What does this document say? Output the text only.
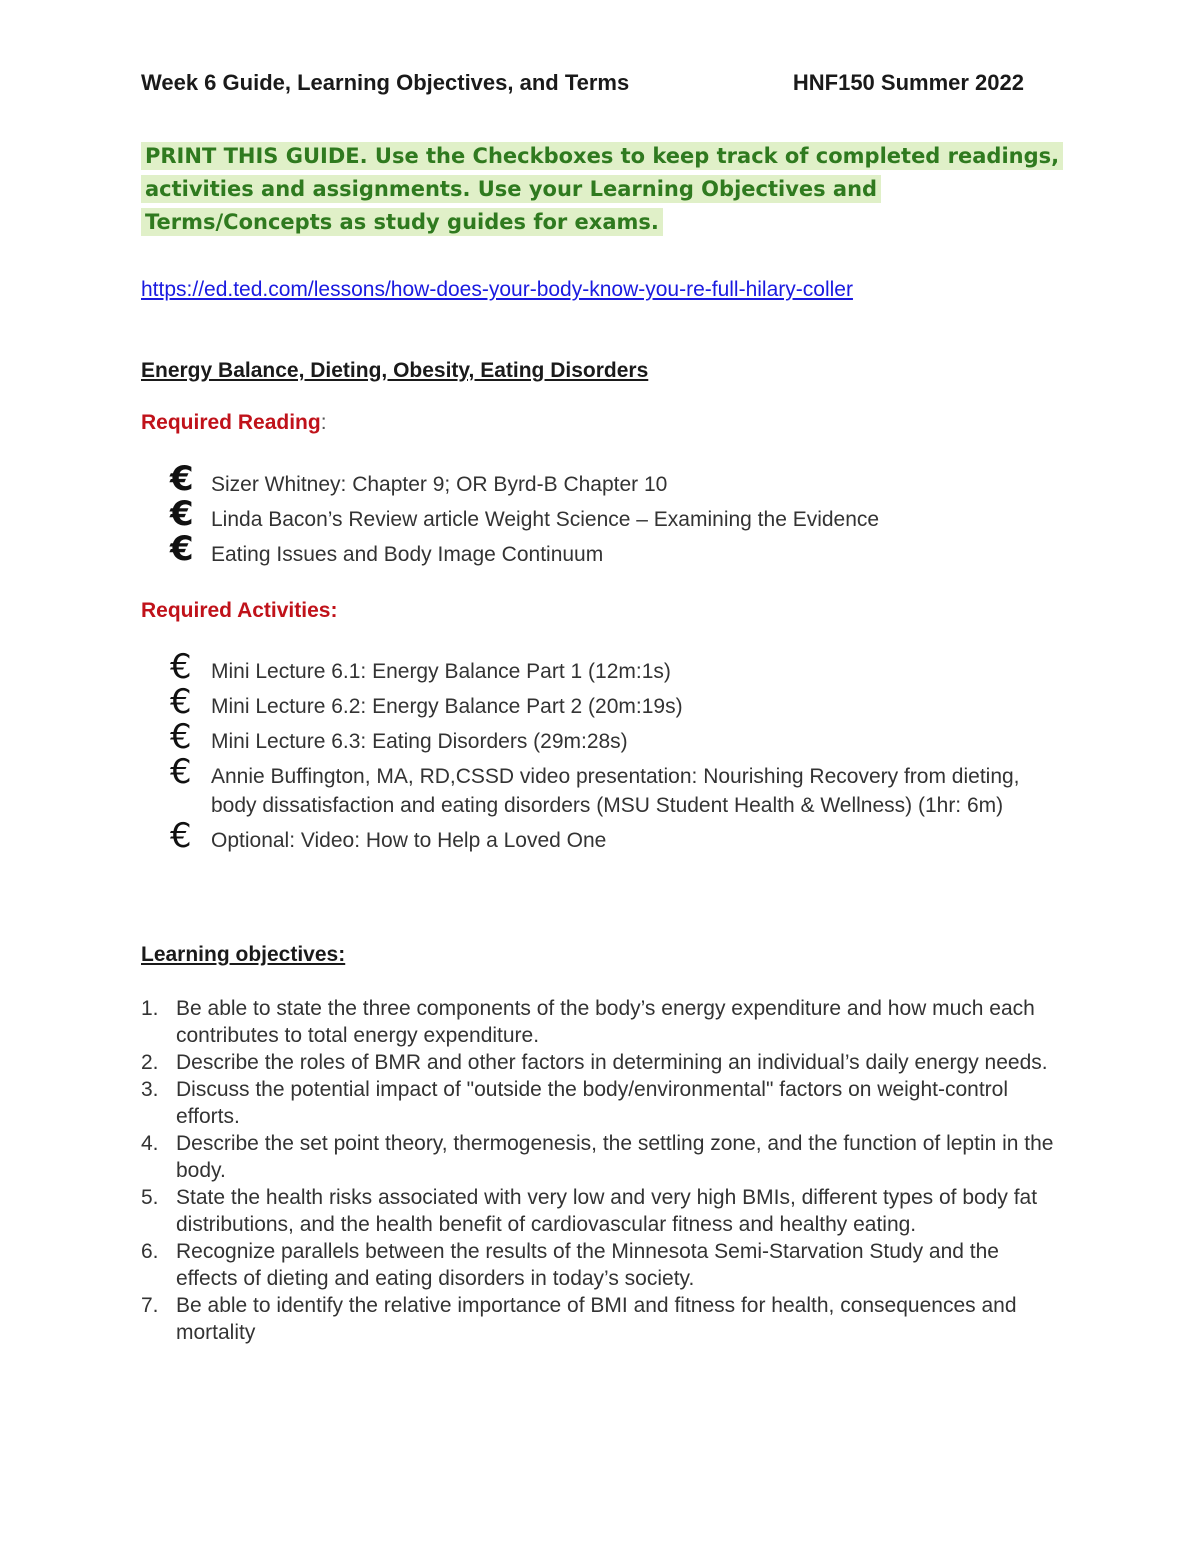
Week 6 Guide, Learning Objectives, and Terms	HNF150 Summer 2022
PRINT THIS GUIDE. Use the Checkboxes to keep track of completed readings, activities and assignments. Use your Learning Objectives and Terms/Concepts as study guides for exams.
https://ed.ted.com/lessons/how-does-your-body-know-you-re-full-hilary-coller
Energy Balance, Dieting, Obesity, Eating Disorders
Required Reading:
€ Sizer Whitney: Chapter 9; OR Byrd-B Chapter 10
€ Linda Bacon’s Review article Weight Science – Examining the Evidence
€ Eating Issues and Body Image Continuum
Required Activities:
€ Mini Lecture 6.1: Energy Balance Part 1 (12m:1s)
€ Mini Lecture 6.2: Energy Balance Part 2 (20m:19s)
€ Mini Lecture 6.3: Eating Disorders (29m:28s)
€ Annie Buffington, MA, RD,CSSD video presentation: Nourishing Recovery from dieting, body dissatisfaction and eating disorders (MSU Student Health & Wellness) (1hr: 6m)
€ Optional: Video: How to Help a Loved One
Learning objectives:
1. Be able to state the three components of the body’s energy expenditure and how much each contributes to total energy expenditure.
2. Describe the roles of BMR and other factors in determining an individual’s daily energy needs.
3. Discuss the potential impact of "outside the body/environmental" factors on weight-control efforts.
4. Describe the set point theory, thermogenesis, the settling zone, and the function of leptin in the body.
5. State the health risks associated with very low and very high BMIs, different types of body fat distributions, and the health benefit of cardiovascular fitness and healthy eating.
6. Recognize parallels between the results of the Minnesota Semi-Starvation Study and the effects of dieting and eating disorders in today’s society.
7. Be able to identify the relative importance of BMI and fitness for health, consequences and mortality
